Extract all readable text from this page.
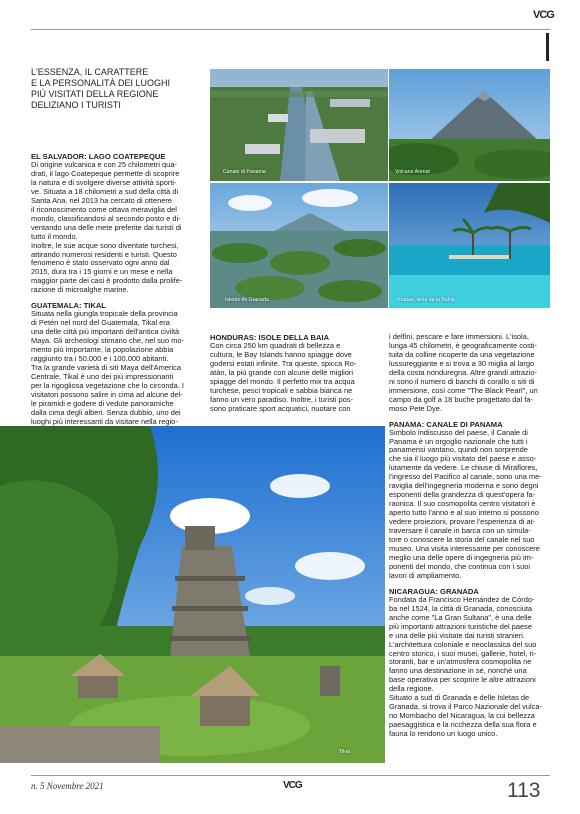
VCG
L'ESSENZA, IL CARATTERE
E LA PERSONALITÀ DEI LUOGHI
PIÙ VISITATI DELLA REGIONE
DELIZIANO I TURISTI
Canale di Panama	Volcano Arenal
Isletas de Granada	Roatan, isola de la Bahia
EL SALVADOR: LAGO COATEPEQUE
Di origine vulcanica e con 25 chilometri qua-
drati, il lago Coatepeque permette di scoprire
la natura e di svolgere diverse attività sporti-
ve. Situata a 18 chilometri a sud della città di
Santa Ana, nel 2013 ha cercato di ottenere
il riconoscimento come ottava meraviglia del
mondo, classificandosi al secondo posto e di-
ventando una delle mete preferite dai turisti di
tutto il mondo.
Inoltre, le sue acque sono diventate turchesi,
attirando numerosi residenti e turisti. Questo
fenomeno è stato osservato ogni anno dal
2015, dura tra i 15 giorni e un mese e nella
maggior parte dei casi è prodotto dalla prolife-
razione di microalghe marine.
GUATEMALA: TIKAL
Situata nella giungla tropicale della provincia
di Petén nel nord del Guatemala, Tikal era
una delle città più importanti dell'antica civiltà
Maya. Gli archeologi stimano che, nel suo mo-
mento più importante, la popolazione abbia
raggiunto tra i 50.000 e i 100.000 abitanti.
Tra la grande varietà di siti Maya dell'America
Centrale, Tikal è uno dei più impressionanti
per la rigogliosa vegetazione che lo circonda. I
visitatori possono salire in cima ad alcune del-
le piramidi e godere di vedute panoramiche
dalla cima degli alberi. Senza dubbio, uno dei
luoghi più interessanti da visitare nella regio-
HONDURAS: ISOLE DELLA BAIA
Con circa 250 km quadrati di bellezza e
cultura, le Bay Islands hanno spiagge dove
godersi estati infinite. Tra queste, spicca Ro-
atán, la più grande con alcune delle migliori
spiagge del mondo. Il perfetto mix tra acqua
turchese, pesci tropicali e sabbia bianca ne
fanno un vero paradiso. Inoltre, i turisti pos-
sono praticare sport acquatici, nuotare con
i delfini, pescare e fare immersioni. L'isola,
lunga 45 chilometri, è geograficamente costi-
tuita da colline ricoperte da una vegetazione
lussureggiante e si trova a 30 miglia al largo
della costa nonduregna. Altre grandi attrazio-
ni sono il numero di banchi di corallo o siti di
immersione, così come "The Black Pearl", un
campo da golf a 18 buche progettato dal fa-
moso Pete Dye.
PANAMA: CANALE DI PANAMA
Simbolo indiscusso del paese, il Canale di
Panama è un orgoglio nazionale che tutti i
panamensi vantano, quindi non sorprende
che sia il luogo più visitato del paese e asso-
lutamente da vedere. Le chiuse di Miraflores,
l'ingresso del Pacifico al canale, sono una me-
raviglia dell'ingegneria moderna e sono degni
esponenti della grandezza di quest'opera fa-
raonica. Il suo cosmopolita centro visitatori è
aperto tutto l'anno e al suo interno si possono
vedere proiezioni, provare l'esperienza di at-
traversare il canale in barca con un simula-
tore o conoscere la storia del canale nel suo
museo. Una visita interessante per conoscere
meglio una delle opere di ingegneria più im-
ponenti del mondo, che continua con i suoi
lavori di ampliamento.
NICARAGUA: GRANADA
Fondata da Francisco Hernández de Córdo-
ba nel 1524, la città di Granada, conosciuta
anche come "La Gran Sultana", è una delle
più importanti attrazioni turistiche del paese
e una delle più visitate dai turisti stranieri.
L'architettura coloniale e neoclassica del suo
centro storico, i suoi musei, gallerie, hotel, ri-
storanti, bar e un'atmosfera cosmopolita ne
fanno una destinazione in sé, nonché una
base operativa per scoprire le altre attrazioni
della regione.
Situato a sud di Granada e delle Isletas de
Granada, si trova il Parco Nazionale del vulca-
no Mombacho del Nicaragua, la cui bellezza
paesaggistica e la ricchezza della sua flora e
fauna lo rendono un luogo unico.
Tikal
n. 5 Novembre 2021	VCG	113
